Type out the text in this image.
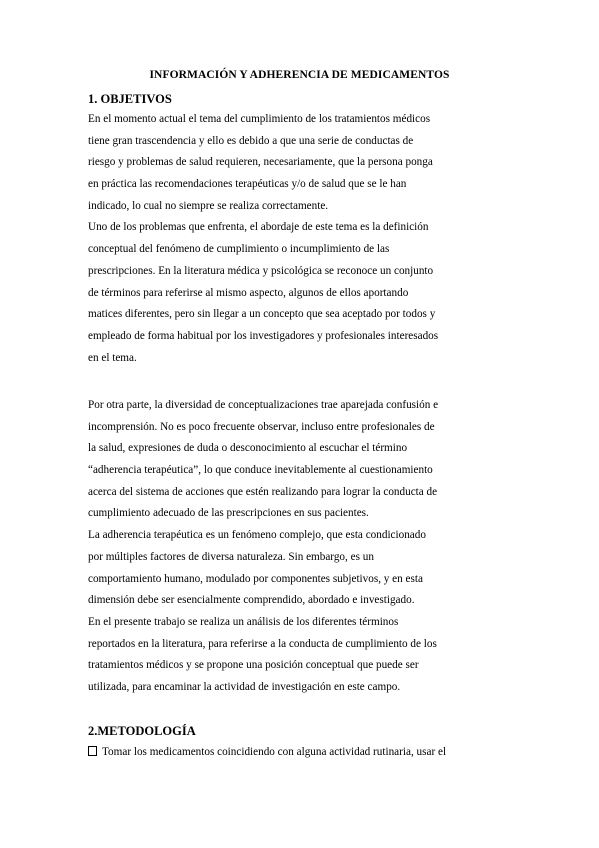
INFORMACIÓN Y ADHERENCIA DE MEDICAMENTOS
1. OBJETIVOS
En el momento actual el tema del cumplimiento de los tratamientos médicos
tiene gran trascendencia y ello es debido a que una serie de conductas de
riesgo y problemas de salud requieren, necesariamente, que la persona ponga
en práctica las recomendaciones terapéuticas y/o de salud que se le han
indicado, lo cual no siempre se realiza correctamente.
Uno de los problemas que enfrenta, el abordaje de este tema es la definición
conceptual del fenómeno de cumplimiento o incumplimiento de las
prescripciones. En la literatura médica y psicológica se reconoce un conjunto
de términos para referirse al mismo aspecto, algunos de ellos aportando
matices diferentes, pero sin llegar a un concepto que sea aceptado por todos y
empleado de forma habitual por los investigadores y profesionales interesados
en el tema.
Por otra parte, la diversidad de conceptualizaciones trae aparejada confusión e
incomprensión. No es poco frecuente observar, incluso entre profesionales de
la salud, expresiones de duda o desconocimiento al escuchar el término
“adherencia terapéutica”, lo que conduce inevitablemente al cuestionamiento
acerca del sistema de acciones que estén realizando para lograr la conducta de
cumplimiento adecuado de las prescripciones en sus pacientes.
La adherencia terapéutica es un fenómeno complejo, que esta condicionado
por múltiples factores de diversa naturaleza. Sin embargo, es un
comportamiento humano, modulado por componentes subjetivos, y en esta
dimensión debe ser esencialmente comprendido, abordado e investigado.
En el presente trabajo se realiza un análisis de los diferentes términos
reportados en la literatura, para referirse a la conducta de cumplimiento de los
tratamientos médicos y se propone una posición conceptual que puede ser
utilizada, para encaminar la actividad de investigación en este campo.
2.METODOLOGÍA
Tomar los medicamentos coincidiendo con alguna actividad rutinaria, usar el
